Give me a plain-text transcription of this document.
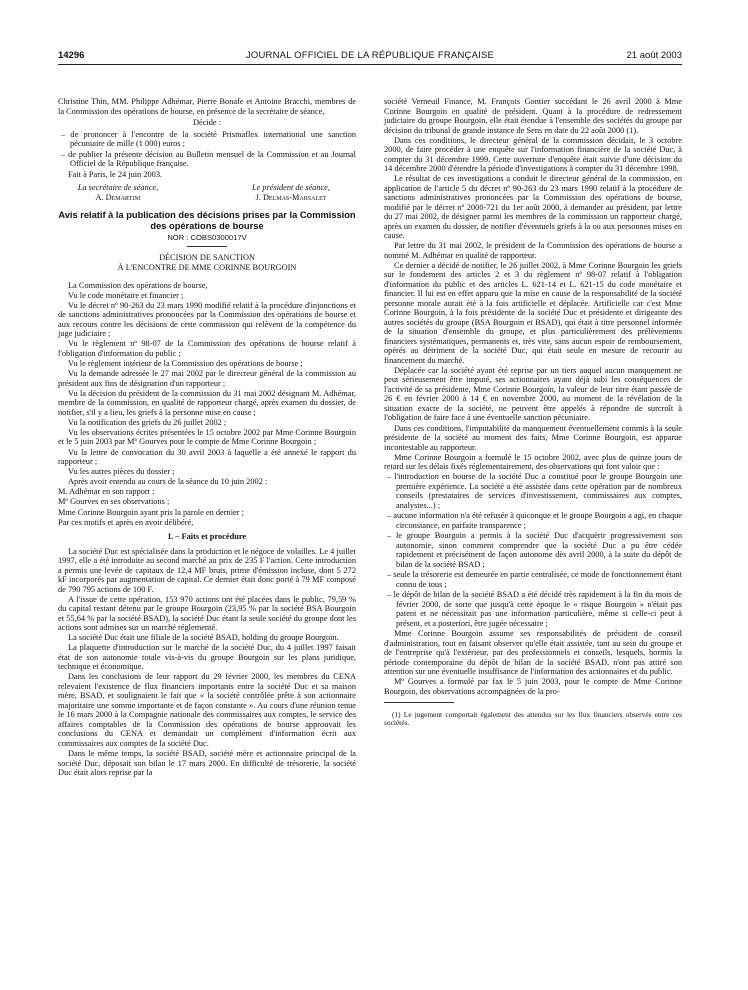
14296	JOURNAL OFFICIEL DE LA RÉPUBLIQUE FRANÇAISE	21 août 2003

Christine Thin, MM. Philippe Adhémar, Pierre Bonafe et Antoine Bracchi, membres de la Commission des opérations de bourse, en présence de la secrétaire de séance,

Décide :

– de prononcer à l'encontre de la société Prismaflex international une sanction pécuniaire de mille (1 000) euros ;

– de publier la présente décision au Bulletin mensuel de la Commission et au Journal Officiel de la République française.

Fait à Paris, le 24 juin 2003.

La secrétaire de séance,
A. Demartini
Le président de séance,
J. Delmas-Marsalet
Avis relatif à la publication des décisions prises par la Commission des opérations de bourse
NOR : COBS0300017V
DÉCISION DE SANCTION
À L'ENCONTRE DE MME CORINNE BOURGOIN

La Commission des opérations de bourse,

Vu le code monétaire et financier ;

Vu le décret nº 90-263 du 23 mars 1990 modifié relatif à la procédure d'injonctions et de sanctions administratives prononcées par la Commission des opérations de bourse et aux recours contre les décisions de cette commission qui relèvent de la compétence du juge judiciaire ;

Vu le règlement nº 98-07 de la Commission des opérations de bourse relatif à l'obligation d'information du public ;

Vu le règlement intérieur de la Commission des opérations de bourse ;

Vu la demande adressée le 27 mai 2002 par le directeur général de la commission au président aux fins de désignation d'un rapporteur ;

Vu la décision du président de la commission du 31 mai 2002 désignant M. Adhémar, membre de la commission, en qualité de rapporteur chargé, après examen du dossier, de notifier, s'il y a lieu, les griefs à la personne mise en cause ;

Vu la notification des griefs du 26 juillet 2002 ;

Vu les observations écrites présentées le 15 octobre 2002 par Mme Corinne Bourgoin et le 5 juin 2003 par Mº Gourves pour le compte de Mme Corinne Bourgoin ;

Vu la lettre de convocation du 30 avril 2003 à laquelle a été annexé le rapport du rapporteur ;

Vu les autres pièces du dossier ;

Après avoir entendu au cours de la séance du 10 juin 2002 :

M. Adhémar en son rapport ;

Mº Gourves en ses observations ;

Mme Corinne Bourgoin ayant pris la parole en dernier ;

Par ces motifs et après en avoir délibéré,

I. – Faits et procédure

La société Duc est spécialisée dans la production et le négoce de volailles. Le 4 juillet 1997, elle a été introduite au second marché au prix de 235 F l'action. Cette introduction a permis une levée de capitaux de 12,4 MF bruts, prime d'émission incluse, dont 5 272 kF incorporés par augmentation de capital. Ce dernier était donc porté à 79 MF composé de 790 795 actions de 100 F.

A l'issue de cette opération, 153 970 actions ont été placées dans le public, 79,59 % du capital restant détenu par le groupe Bourgoin (23,95 % par la société BSA Bourgoin et 55,64 % par la société BSAD), la société Duc étant la seule société du groupe dont les actions sont admises sur un marché réglementé.

La société Duc était une filiale de la société BSAD, holding du groupe Bourgoin.

La plaquette d'introduction sur le marché de la société Duc, du 4 juillet 1997 faisait état de son autonomie totale vis-à-vis du groupe Bourgoin sur les plans juridique, technique et économique.

Dans les conclusions de leur rapport du 29 février 2000, les membres du CENA relevaient l'existence de flux financiers importants entre la société Duc et sa maison mère, BSAD, et soulignaient le fait que « la société contrôlée prête à son actionnaire majoritaire une somme importante et de façon constante ». Au cours d'une réunion tenue le 16 mars 2000 à la Compagnie nationale des commissaires aux comptes, le service des affaires comptables de la Commission des opérations de bourse approuvait les conclusions du CENA et demandait un complément d'information écrit aux commissaires aux comptes de la société Duc.

Dans le même temps, la société BSAD, société mère et actionnaire principal de la société Duc, déposait son bilan le 17 mars 2000. En difficulté de trésorerie, la société Duc était alors reprise par la

société Verneuil Finance, M. François Gontier succédant le 26 avril 2000 à Mme Corinne Bourgoin en qualité de président. Quant à la procédure de redressement judiciaire du groupe Bourgoin, elle était étendue à l'ensemble des sociétés du groupe par décision du tribunal de grande instance de Sens en date du 22 août 2000 (1).

Dans ces conditions, le directeur général de la commission décidait, le 3 octobre 2000, de faire procéder à une enquête sur l'information financière de la société Duc, à compter du 31 décembre 1999. Cette ouverture d'enquête était suivie d'une décision du 14 décembre 2000 d'étendre la période d'investigations à compter du 31 décembre 1998.

Le résultat de ces investigations a conduit le directeur général de la commission, en application de l'article 5 du décret nº 90-263 du 23 mars 1990 relatif à la procédure de sanctions administratives prononcées par la Commission des opérations de bourse, modifié par le décret nº 2000-721 du 1er août 2000, à demander au président, par lettre du 27 mai 2002, de désigner parmi les membres de la commission un rapporteur chargé, après un examen du dossier, de notifier d'éventuels griefs à la ou aux personnes mises en cause.

Par lettre du 31 mai 2002, le président de la Commission des opérations de bourse a nommé M. Adhémar en qualité de rapporteur.

Ce dernier a décidé de notifier, le 26 juillet 2002, à Mme Corinne Bourgoin les griefs sur le fondement des articles 2 et 3 du règlement nº 98-07 relatif à l'obligation d'information du public et des articles L. 621-14 et L. 621-15 du code monétaire et financier. Il lui est en effet apparu que la mise en cause de la responsabilité de la société personne morale aurait été à la fois artificielle et déplacée. Artificielle car c'est Mme Corinne Bourgoin, à la fois présidente de la société Duc et présidente et dirigeante des autres sociétés du groupe (BSA Bourgoin et BSAD), qui était à titre personnel informée de la situation d'ensemble du groupe, et plus particulièrement des prélèvements financiers systématiques, permanents et, très vite, sans aucun espoir de remboursement, opérés au détriment de la société Duc, qui était seule en mesure de recourir au financement du marché.

Déplacée car la société ayant été reprise par un tiers auquel aucun manquement ne peut sérieusement être imputé, ses actionnaires ayant déjà subi les conséquences de l'activité de sa présidente, Mme Corinne Bourgoin, la valeur de leur titre étant passée de 26 € en février 2000 à 14 € en novembre 2000, au moment de la révélation de la situation exacte de la société, ne peuvent être appelés à répondre de surcroît à l'obligation de faire face à une éventuelle sanction pécuniaire.

Dans ces conditions, l'imputabilité du manquement éventuellement commis à la seule présidente de la société au moment des faits, Mme Corinne Bourgoin, est apparue incontestable au rapporteur.

Mme Corinne Bourgoin a formulé le 15 octobre 2002, avec plus de quinze jours de retard sur les délais fixés réglementairement, des observations qui font valoir que :

– l'introduction en bourse de la société Duc a constitué pour le groupe Bourgoin une première expérience. La société a été assistée dans cette opération par de nombreux conseils (prestataires de services d'investissement, commissaires aux comptes, analystes...) ;

– aucune information n'a été refusée à quiconque et le groupe Bourgoin a agi, en chaque circonstance, en parfaite transparence ;

– le groupe Bourgoin a permis à la société Duc d'acquérir progressivement son autonomie, sinon comment comprendre que la société Duc a pu être cédée rapidement et précisément de façon autonome dès avril 2000, à la suite du dépôt de bilan de la société BSAD ;

– seule la trésorerie est demeurée en partie centralisée, ce mode de fonctionnement étant connu de tous ;

– le dépôt de bilan de la société BSAD a été décidé très rapidement à la fin du mois de février 2000, de sorte que jusqu'à cette époque le « risque Bourgoin » n'était pas patent et ne nécessitait pas une information particulière, même si celle-ci peut à présent, et a posteriori, être jugée nécessaire ;

Mme Corinne Bourgoin assume ses responsabilités de président de conseil d'administration, tout en faisant observer qu'elle était assistée, tant au sein du groupe et de l'entreprise qu'à l'extérieur, par des professionnels et conseils, lesquels, hormis la période contemporaine du dépôt de bilan de la société BSAD, n'ont pas attiré son attention sur une éventuelle insuffisance de l'information des actionnaires et du public.

Mº Gourves a formulé par fax le 5 juin 2003, pour le compte de Mme Corinne Bourgoin, des observations accompagnées de la pro-

(1) Le jugement comportait également des attendus sur les flux financiers observés entre ces sociétés.
